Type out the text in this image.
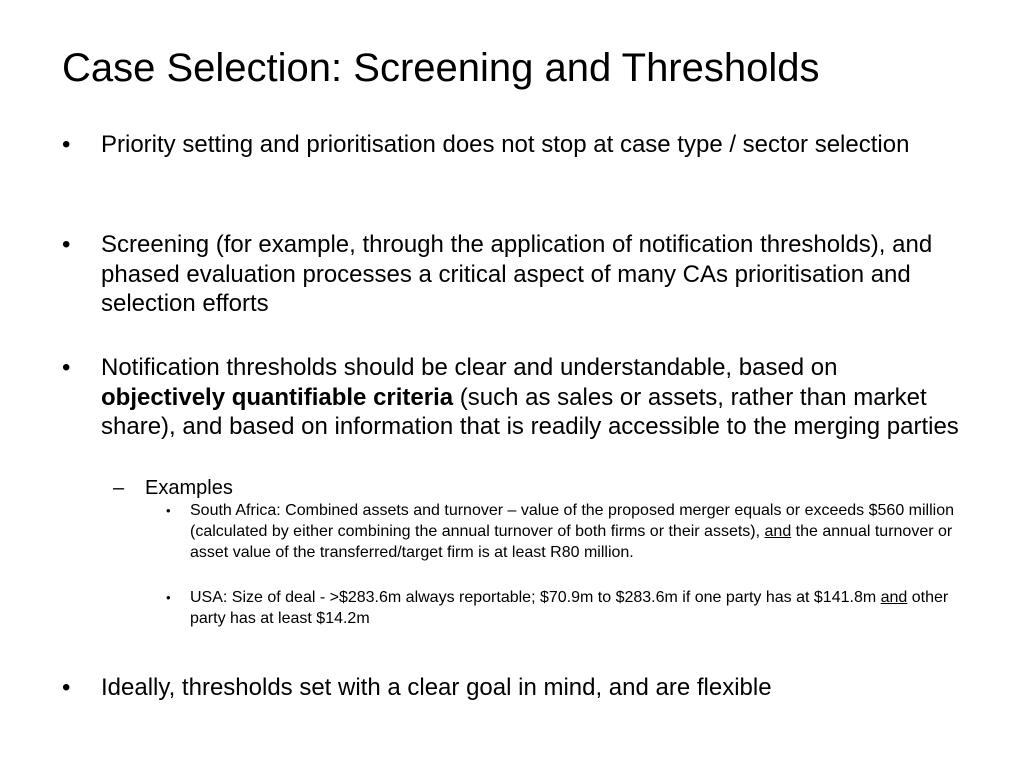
Case Selection: Screening and Thresholds
• Priority setting and prioritisation does not stop at case type / sector selection
• Screening (for example, through the application of notification thresholds), and phased evaluation processes a critical aspect of many CAs prioritisation and selection efforts
• Notification thresholds should be clear and understandable, based on objectively quantifiable criteria (such as sales or assets, rather than market share), and based on information that is readily accessible to the merging parties
– Examples
• South Africa: Combined assets and turnover – value of the proposed merger equals or exceeds $560 million (calculated by either combining the annual turnover of both firms or their assets), and the annual turnover or asset value of the transferred/target firm is at least R80 million.
• USA: Size of deal - >$283.6m always reportable; $70.9m to $283.6m if one party has at $141.8m and other party has at least $14.2m
• Ideally, thresholds set with a clear goal in mind, and are flexible
